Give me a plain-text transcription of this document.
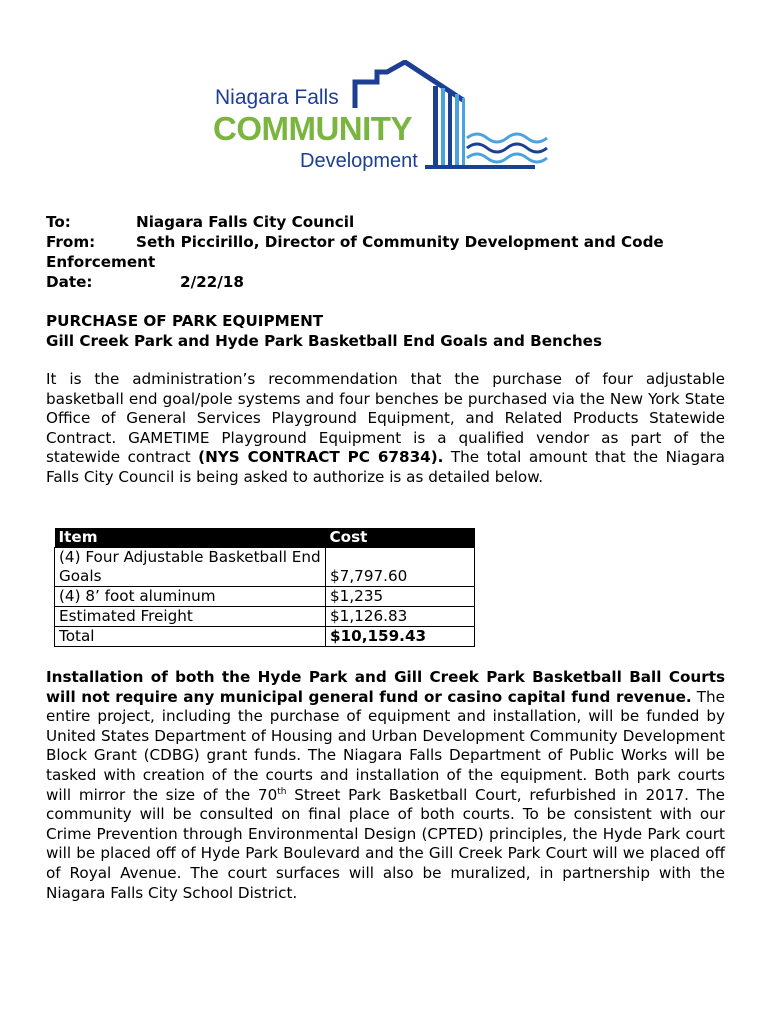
Niagara Falls
COMMUNITY
Development
To:	Niagara Falls City Council
From:	Seth Piccirillo, Director of Community Development and Code
Enforcement
Date:	2/22/18
PURCHASE OF PARK EQUIPMENT
Gill Creek Park and Hyde Park Basketball End Goals and Benches
It is the administration’s recommendation that the purchase of four adjustable basketball end goal/pole systems and four benches be purchased via the New York State Office of General Services Playground Equipment, and Related Products Statewide Contract. GAMETIME Playground Equipment is a qualified vendor as part of the statewide contract (NYS CONTRACT PC 67834). The total amount that the Niagara Falls City Council is being asked to authorize is as detailed below.
Item	Cost
(4) Four Adjustable Basketball End Goals	$7,797.60
(4) 8’ foot aluminum	$1,235
Estimated Freight	$1,126.83
Total	$10,159.43
Installation of both the Hyde Park and Gill Creek Park Basketball Ball Courts will not require any municipal general fund or casino capital fund revenue. The entire project, including the purchase of equipment and installation, will be funded by United States Department of Housing and Urban Development Community Development Block Grant (CDBG) grant funds. The Niagara Falls Department of Public Works will be tasked with creation of the courts and installation of the equipment. Both park courts will mirror the size of the 70th Street Park Basketball Court, refurbished in 2017. The community will be consulted on final place of both courts. To be consistent with our Crime Prevention through Environmental Design (CPTED) principles, the Hyde Park court will be placed off of Hyde Park Boulevard and the Gill Creek Park Court will we placed off of Royal Avenue. The court surfaces will also be muralized, in partnership with the Niagara Falls City School District.
